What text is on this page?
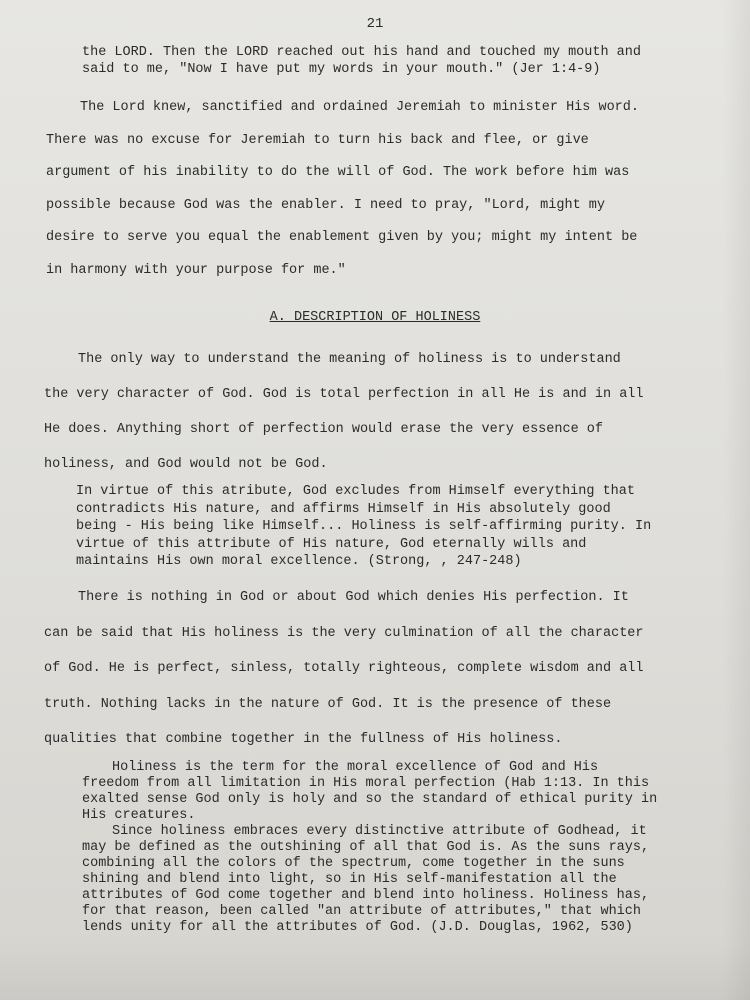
21
the LORD. Then the LORD reached out his hand and touched my mouth and
said to me, "Now I have put my words in your mouth." (Jer 1:4-9)
The Lord knew, sanctified and ordained Jeremiah to minister His word.
There was no excuse for Jeremiah to turn his back and flee, or give
argument of his inability to do the will of God. The work before him was
possible because God was the enabler. I need to pray, "Lord, might my
desire to serve you equal the enablement given by you; might my intent be
in harmony with your purpose for me."
A. DESCRIPTION OF HOLINESS
The only way to understand the meaning of holiness is to understand
the very character of God. God is total perfection in all He is and in all
He does. Anything short of perfection would erase the very essence of
holiness, and God would not be God.
In virtue of this atribute, God excludes from Himself everything that
contradicts His nature, and affirms Himself in His absolutely good
being - His being like Himself... Holiness is self-affirming purity. In
virtue of this attribute of His nature, God eternally wills and
maintains His own moral excellence. (Strong, , 247-248)
There is nothing in God or about God which denies His perfection. It
can be said that His holiness is the very culmination of all the character
of God. He is perfect, sinless, totally righteous, complete wisdom and all
truth. Nothing lacks in the nature of God. It is the presence of these
qualities that combine together in the fullness of His holiness.
Holiness is the term for the moral excellence of God and His
freedom from all limitation in His moral perfection (Hab 1:13. In this
exalted sense God only is holy and so the standard of ethical purity in
His creatures.
Since holiness embraces every distinctive attribute of Godhead, it
may be defined as the outshining of all that God is. As the suns rays,
combining all the colors of the spectrum, come together in the suns
shining and blend into light, so in His self-manifestation all the
attributes of God come together and blend into holiness. Holiness has,
for that reason, been called "an attribute of attributes," that which
lends unity for all the attributes of God. (J.D. Douglas, 1962, 530)
